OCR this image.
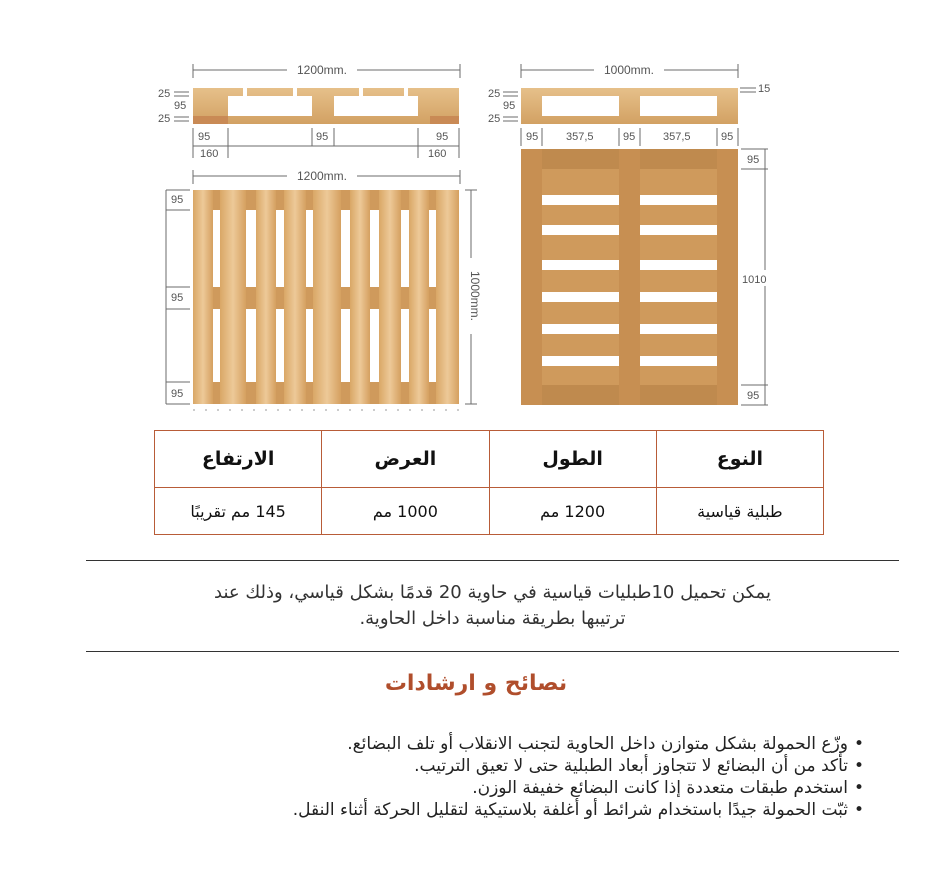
1200mm.
25
95
25
95	95	95
160	160
1200mm.
95
95
95
1000mm.
1000mm.
15
25
95
25
95	357,5	95	357,5	95
95
1010
95
النوع	الطول	العرض	الارتفاع
طبلية قياسية	1200 مم	1000 مم	145 مم تقريبًا
يمكن تحميل 10طبليات قياسية في حاوية 20 قدمًا بشكل قياسي، وذلك عند
ترتيبها بطريقة مناسبة داخل الحاوية.
نصائح و ارشادات
• وزّع الحمولة بشكل متوازن داخل الحاوية لتجنب الانقلاب أو تلف البضائع.
• تأكد من أن البضائع لا تتجاوز أبعاد الطبلية حتى لا تعيق الترتيب.
• استخدم طبقات متعددة إذا كانت البضائع خفيفة الوزن.
• ثبّت الحمولة جيدًا باستخدام شرائط أو أغلفة بلاستيكية لتقليل الحركة أثناء النقل.
